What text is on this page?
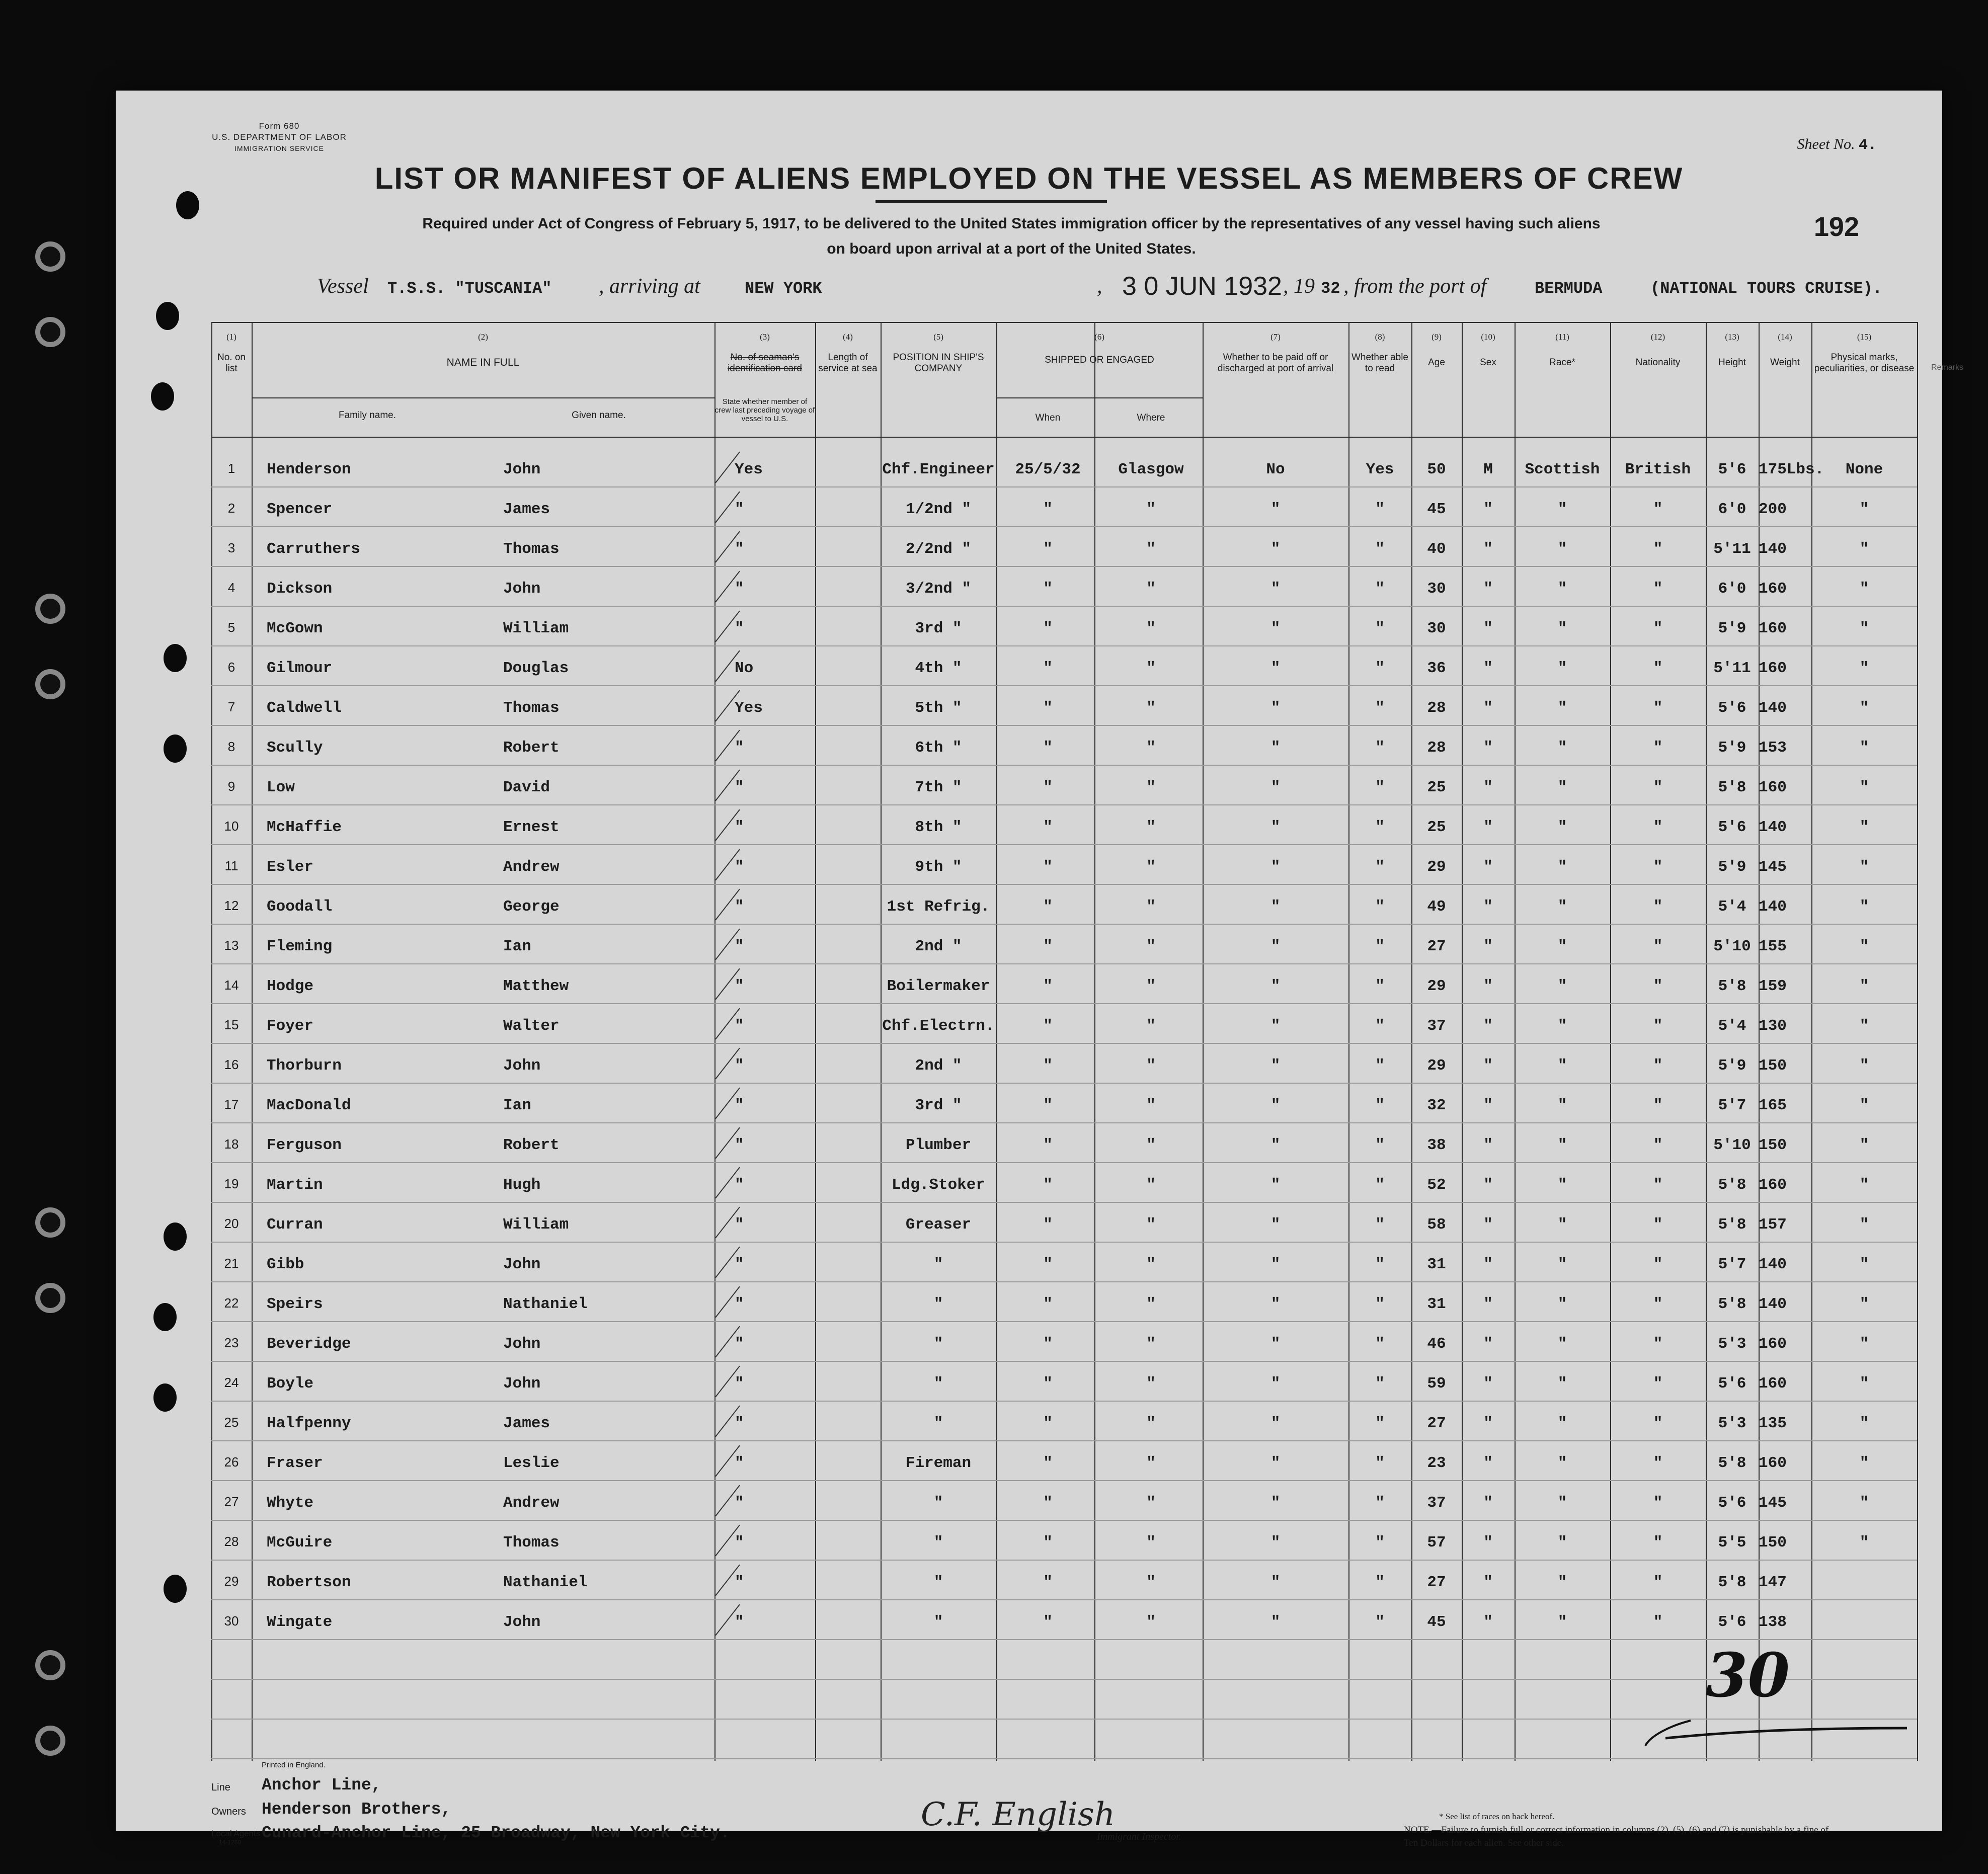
Form 680
U.S. DEPARTMENT OF LABOR
IMMIGRATION SERVICE	Sheet No. 4.
192
LIST OR MANIFEST OF ALIENS EMPLOYED ON THE VESSEL AS MEMBERS OF CREW
Required under Act of Congress of February 5, 1917, to be delivered to the United States immigration officer by the representatives of any vessel having such aliens
on board upon arrival at a port of the United States.
Vessel T.S.S. "TUSCANIA" , arriving at	NEW YORK	, 3 0 JUN 1932 , 19 32 , from the port of	BERMUDA	(NATIONAL TOURS CRUISE).
(1)	(2)	(3)	(4)	(5)	(6)	(7)	(8)	(9)	(10)	(11)	(12)	(13)	(14)	(15)
No. on list
NAME IN FULL
Family name.	Given name.
No. of seaman's identification card
State whether member of crew last preceding voyage of vessel to U.S.
Length of service at sea
POSITION IN SHIP'S COMPANY
SHIPPED OR ENGAGED
When	Where
Whether to be paid off or discharged at port of arrival
Whether able to read
Age	Sex	Race*	Nationality	Height	Weight	Physical marks, peculiarities, or disease	Remarks
1	Henderson	John	Yes	Chf.Engineer	25/5/32	Glasgow	No	Yes	50	M	Scottish	British	5'6 175Lbs.	None
2	Spencer	James	"	1/2nd "	"	"	"	"	45	"	"	"	6'0 200	"
3	Carruthers	Thomas	"	2/2nd "	"	"	"	"	40	"	"	"	5'11 140	"
4	Dickson	John	"	3/2nd "	"	"	"	"	30	"	"	"	6'0 160	"
5	McGown	William	"	3rd "	"	"	"	"	30	"	"	"	5'9 160	"
6	Gilmour	Douglas	No	4th "	"	"	"	"	36	"	"	"	5'11 160	"
7	Caldwell	Thomas	Yes	5th "	"	"	"	"	28	"	"	"	5'6 140	"
8	Scully	Robert	"	6th "	"	"	"	"	28	"	"	"	5'9 153	"
9	Low	David	"	7th "	"	"	"	"	25	"	"	"	5'8 160	"
10	McHaffie	Ernest	"	8th "	"	"	"	"	25	"	"	"	5'6 140	"
11	Esler	Andrew	"	9th "	"	"	"	"	29	"	"	"	5'9 145	"
12	Goodall	George	"	1st Refrig.	"	"	"	"	49	"	"	"	5'4 140	"
13	Fleming	Ian	"	2nd "	"	"	"	"	27	"	"	"	5'10 155	"
14	Hodge	Matthew	"	Boilermaker	"	"	"	"	29	"	"	"	5'8 159	"
15	Foyer	Walter	"	Chf.Electrn.	"	"	"	"	37	"	"	"	5'4 130	"
16	Thorburn	John	"	2nd "	"	"	"	"	29	"	"	"	5'9 150	"
17	MacDonald	Ian	"	3rd "	"	"	"	"	32	"	"	"	5'7 165	"
18	Ferguson	Robert	"	Plumber	"	"	"	"	38	"	"	"	5'10 150	"
19	Martin	Hugh	"	Ldg.Stoker	"	"	"	"	52	"	"	"	5'8 160	"
20	Curran	William	"	Greaser	"	"	"	"	58	"	"	"	5'8 157	"
21	Gibb	John	"	"	"	"	"	"	31	"	"	"	5'7 140	"
22	Speirs	Nathaniel	"	"	"	"	"	"	31	"	"	"	5'8 140	"
23	Beveridge	John	"	"	"	"	"	"	46	"	"	"	5'3 160	"
24	Boyle	John	"	"	"	"	"	"	59	"	"	"	5'6 160	"
25	Halfpenny	James	"	"	"	"	"	"	27	"	"	"	5'3 135	"
26	Fraser	Leslie	"	Fireman	"	"	"	"	23	"	"	"	5'8 160	"
27	Whyte	Andrew	"	"	"	"	"	"	37	"	"	"	5'6 145	"
28	McGuire	Thomas	"	"	"	"	"	"	57	"	"	"	5'5 150	"
29	Robertson	Nathaniel	"	"	"	"	"	"	27	"	"	"	5'8 147
30	Wingate	John	"	"	"	"	"	"	45	"	"	"	5'6 138
30
Printed in England.
Line Anchor Line,
Owners Henderson Brothers,
Local Agents
14-1260 Cunard-Anchor Line, 25 Broadway, New York City.	C.F. English
Immigrant Inspector.
* See list of races on back hereof.
NOTE.—Failure to furnish full or correct information in columns (2), (5), (6) and (7) is punishable by a fine of Ten Dollars for each alien. See other side.
